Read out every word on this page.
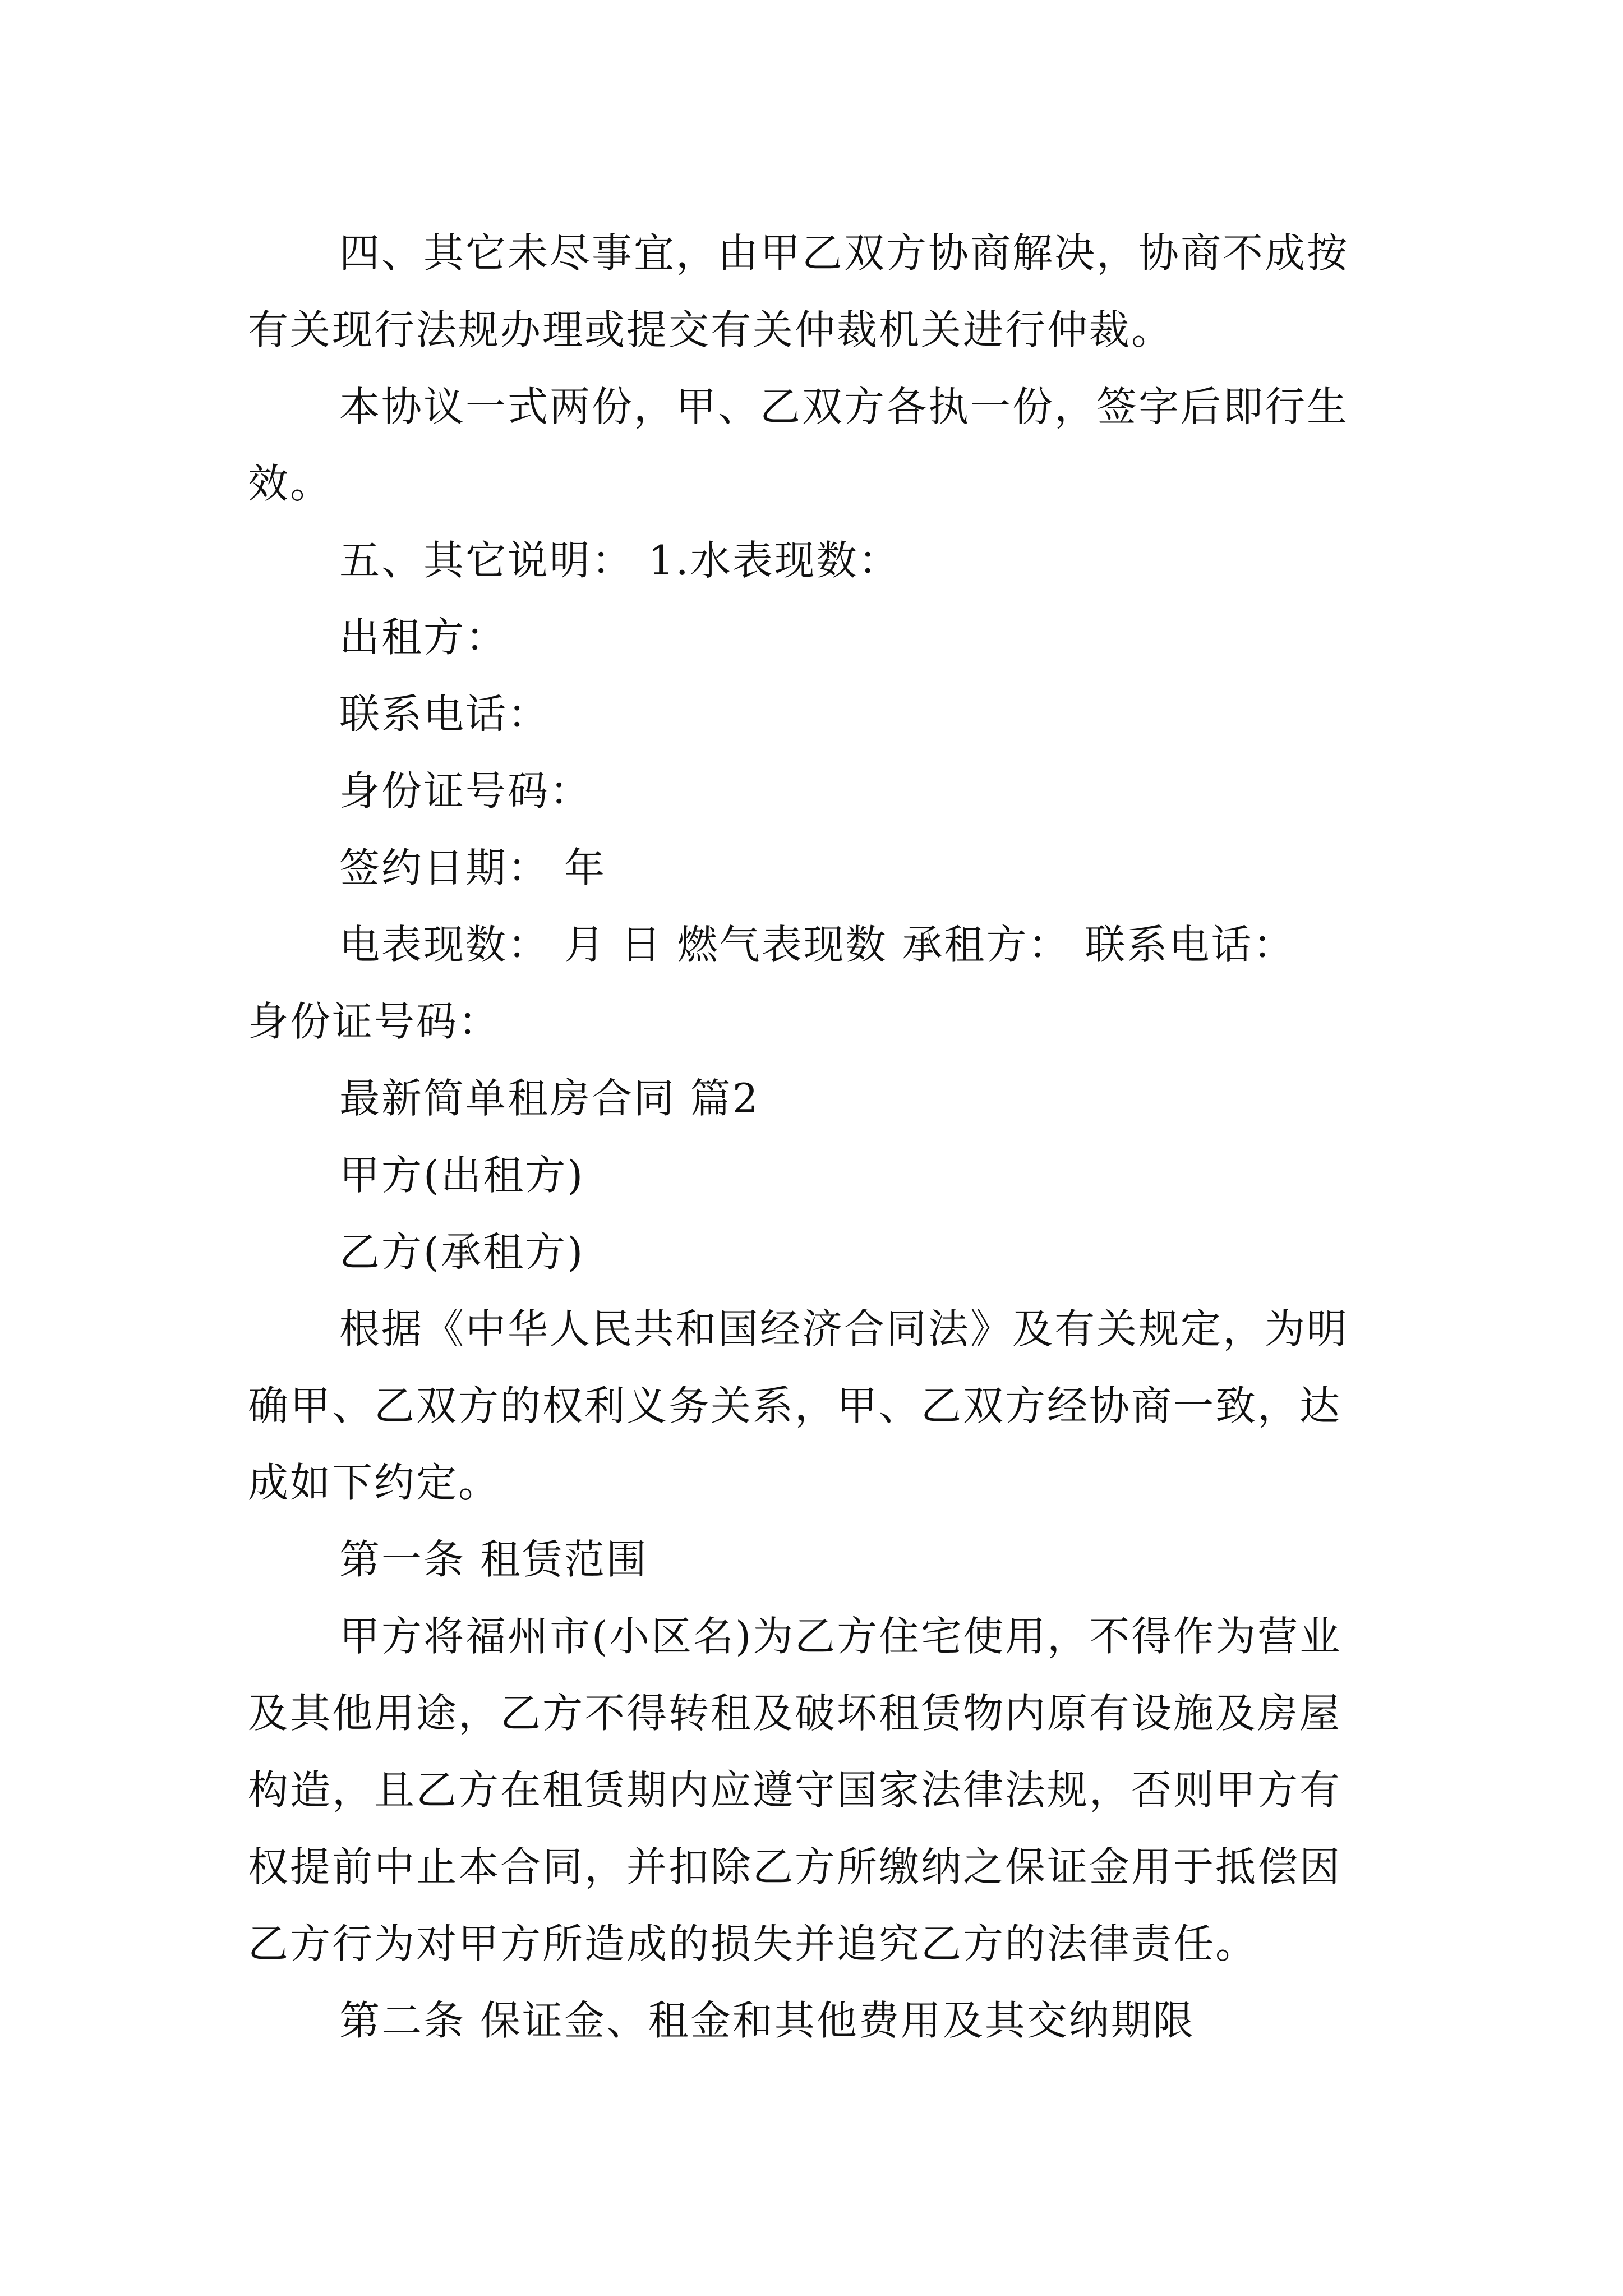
四、其它未尽事宜，由甲乙双方协商解决，协商不成按
有关现行法规办理或提交有关仲裁机关进行仲裁。
本协议一式两份，甲、乙双方各执一份，签字后即行生
效。
五、其它说明： 1.水表现数：
出租方：
联系电话：
身份证号码：
签约日期： 年
电表现数： 月 日 燃气表现数 承租方： 联系电话：
身份证号码：
最新简单租房合同 篇2
甲方(出租方)
乙方(承租方)
根据《中华人民共和国经济合同法》及有关规定，为明
确甲、乙双方的权利义务关系，甲、乙双方经协商一致，达
成如下约定。
第一条 租赁范围
甲方将福州市(小区名)为乙方住宅使用，不得作为营业
及其他用途，乙方不得转租及破坏租赁物内原有设施及房屋
构造，且乙方在租赁期内应遵守国家法律法规，否则甲方有
权提前中止本合同，并扣除乙方所缴纳之保证金用于抵偿因
乙方行为对甲方所造成的损失并追究乙方的法律责任。
第二条 保证金、租金和其他费用及其交纳期限
